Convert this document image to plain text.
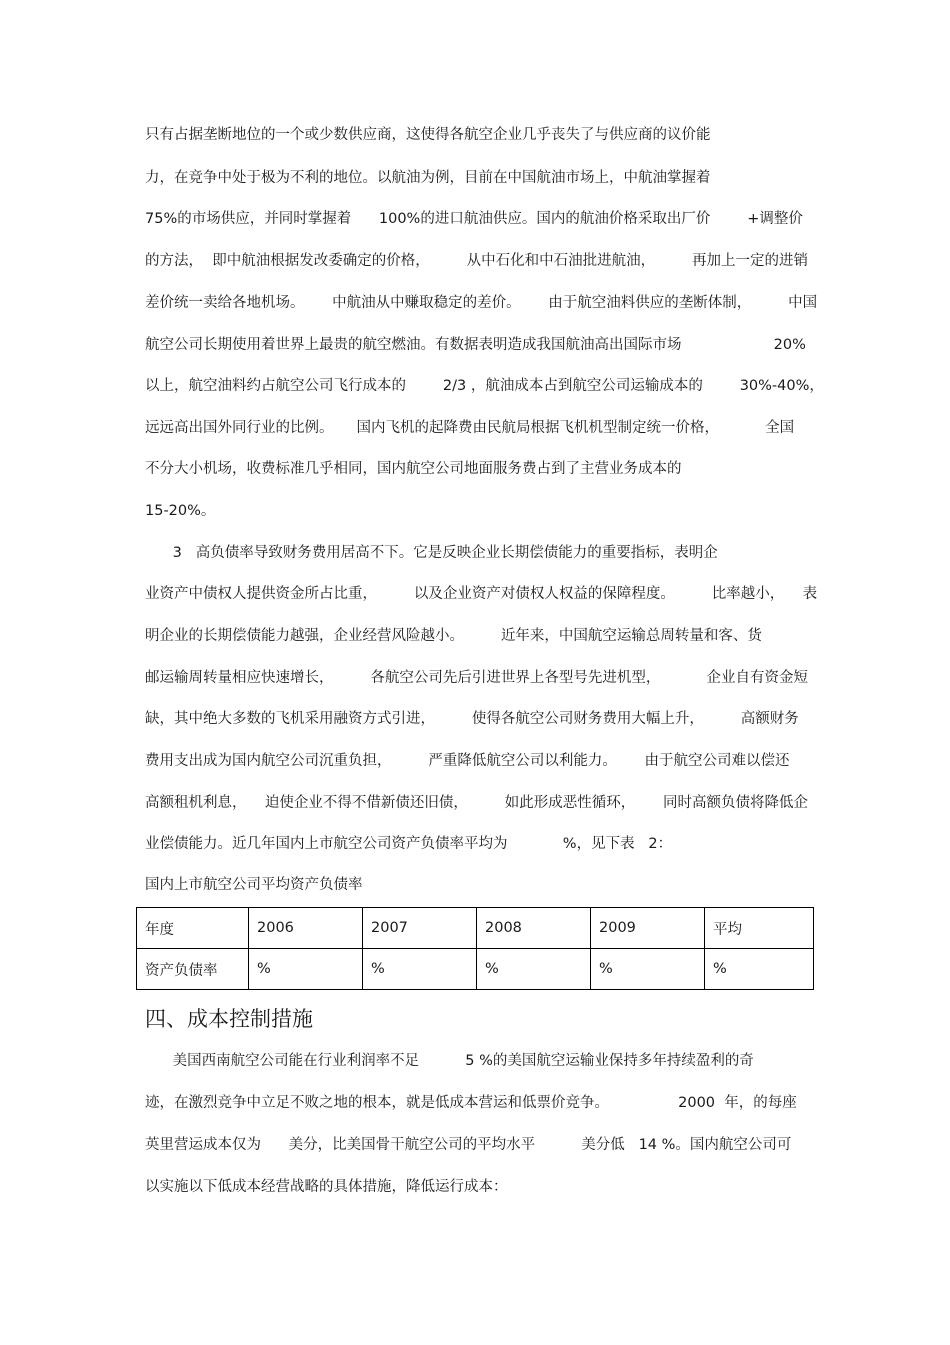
只有占据垄断地位的一个或少数供应商，这使得各航空企业几乎丧失了与供应商的议价能
力，在竞争中处于极为不利的地位。以航油为例，目前在中国航油市场上，中航油掌握着
75%的市场供应，并同时掌握着      100%的进口航油供应。国内的航油价格采取出厂价        +调整价
的方法，  即中航油根据发改委确定的价格，        从中石化和中石油批进航油，        再加上一定的进销
差价统一卖给各地机场。      中航油从中赚取稳定的差价。      由于航空油料供应的垄断体制，        中国
航空公司长期使用着世界上最贵的航空燃油。有数据表明造成我国航油高出国际市场                    20%
以上，航空油料约占航空公司飞行成本的        2/3 ，航油成本占到航空公司运输成本的        30%-40%，
远远高出国外同行业的比例。     国内飞机的起降费由民航局根据飞机机型制定统一价格，          全国
不分大小机场，收费标准几乎相同，国内航空公司地面服务费占到了主营业务成本的
15-20%。
3   高负债率导致财务费用居高不下。它是反映企业长期偿债能力的重要指标，表明企
业资产中债权人提供资金所占比重，        以及企业资产对债权人权益的保障程度。        比率越小，    表
明企业的长期偿债能力越强，企业经营风险越小。        近年来，中国航空运输总周转量和客、货
邮运输周转量相应快速增长，        各航空公司先后引进世界上各型号先进机型，          企业自有资金短
缺，其中绝大多数的飞机采用融资方式引进，        使得各航空公司财务费用大幅上升，        高额财务
费用支出成为国内航空公司沉重负担，        严重降低航空公司以利能力。      由于航空公司难以偿还
高额租机利息，    迫使企业不得不借新债还旧债，        如此形成恶性循环，      同时高额负债将降低企
业偿债能力。近几年国内上市航空公司资产负债率平均为            %，见下表   2：
国内上市航空公司平均资产负债率
年度	2006	2007	2008	2009	平均
资产负债率	%	%	%	%	%
四、成本控制措施
美国西南航空公司能在行业利润率不足          5 %的美国航空运输业保持多年持续盈利的奇
迹，在激烈竞争中立足不败之地的根本，就是低成本营运和低票价竞争。               2000  年，的每座
英里营运成本仅为      美分，比美国骨干航空公司的平均水平          美分低   14 %。国内航空公司可
以实施以下低成本经营战略的具体措施，降低运行成本：
